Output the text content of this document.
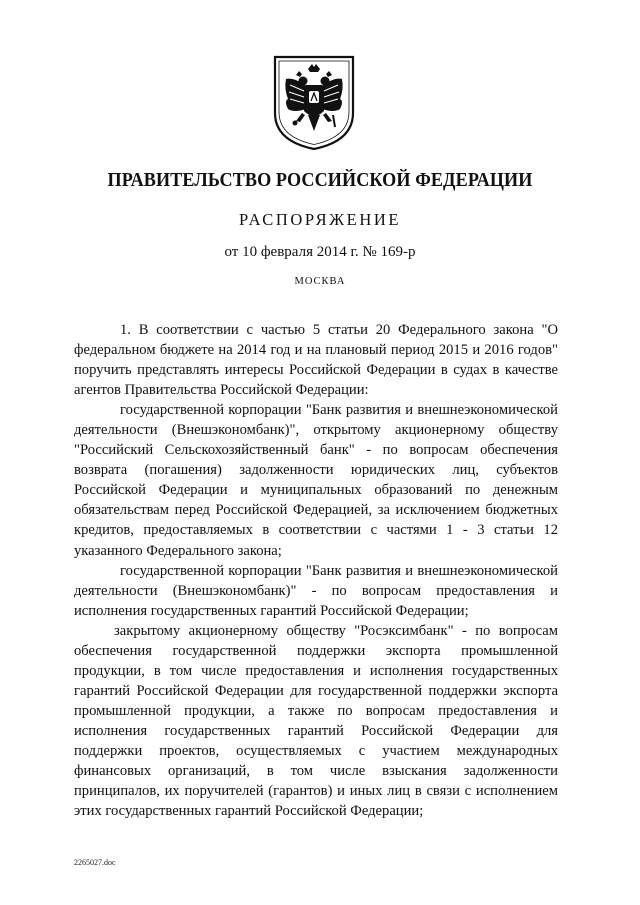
ПРАВИТЕЛЬСТВО РОССИЙСКОЙ ФЕДЕРАЦИИ
РАСПОРЯЖЕНИЕ
от 10 февраля 2014 г. № 169-р
МОСКВА

1. В соответствии с частью 5 статьи 20 Федерального закона "О федеральном бюджете на 2014 год и на плановый период 2015 и 2016 годов" поручить представлять интересы Российской Федерации в судах в качестве агентов Правительства Российской Федерации:

государственной корпорации "Банк развития и внешнеэкономической деятельности (Внешэкономбанк)", открытому акционерному обществу "Российский Сельскохозяйственный банк" - по вопросам обеспечения возврата (погашения) задолженности юридических лиц, субъектов Российской Федерации и муниципальных образований по денежным обязательствам перед Российской Федерацией, за исключением бюджетных кредитов, предоставляемых в соответствии с частями 1 - 3 статьи 12 указанного Федерального закона;

государственной корпорации "Банк развития и внешнеэкономической деятельности (Внешэкономбанк)" - по вопросам предоставления и исполнения государственных гарантий Российской Федерации;

закрытому акционерному обществу "Росэксимбанк" - по вопросам обеспечения государственной поддержки экспорта промышленной продукции, в том числе предоставления и исполнения государственных гарантий Российской Федерации для государственной поддержки экспорта промышленной продукции, а также по вопросам предоставления и исполнения государственных гарантий Российской Федерации для поддержки проектов, осуществляемых с участием международных финансовых организаций, в том числе взыскания задолженности принципалов, их поручителей (гарантов) и иных лиц в связи с исполнением этих государственных гарантий Российской Федерации;

2265027.doc
